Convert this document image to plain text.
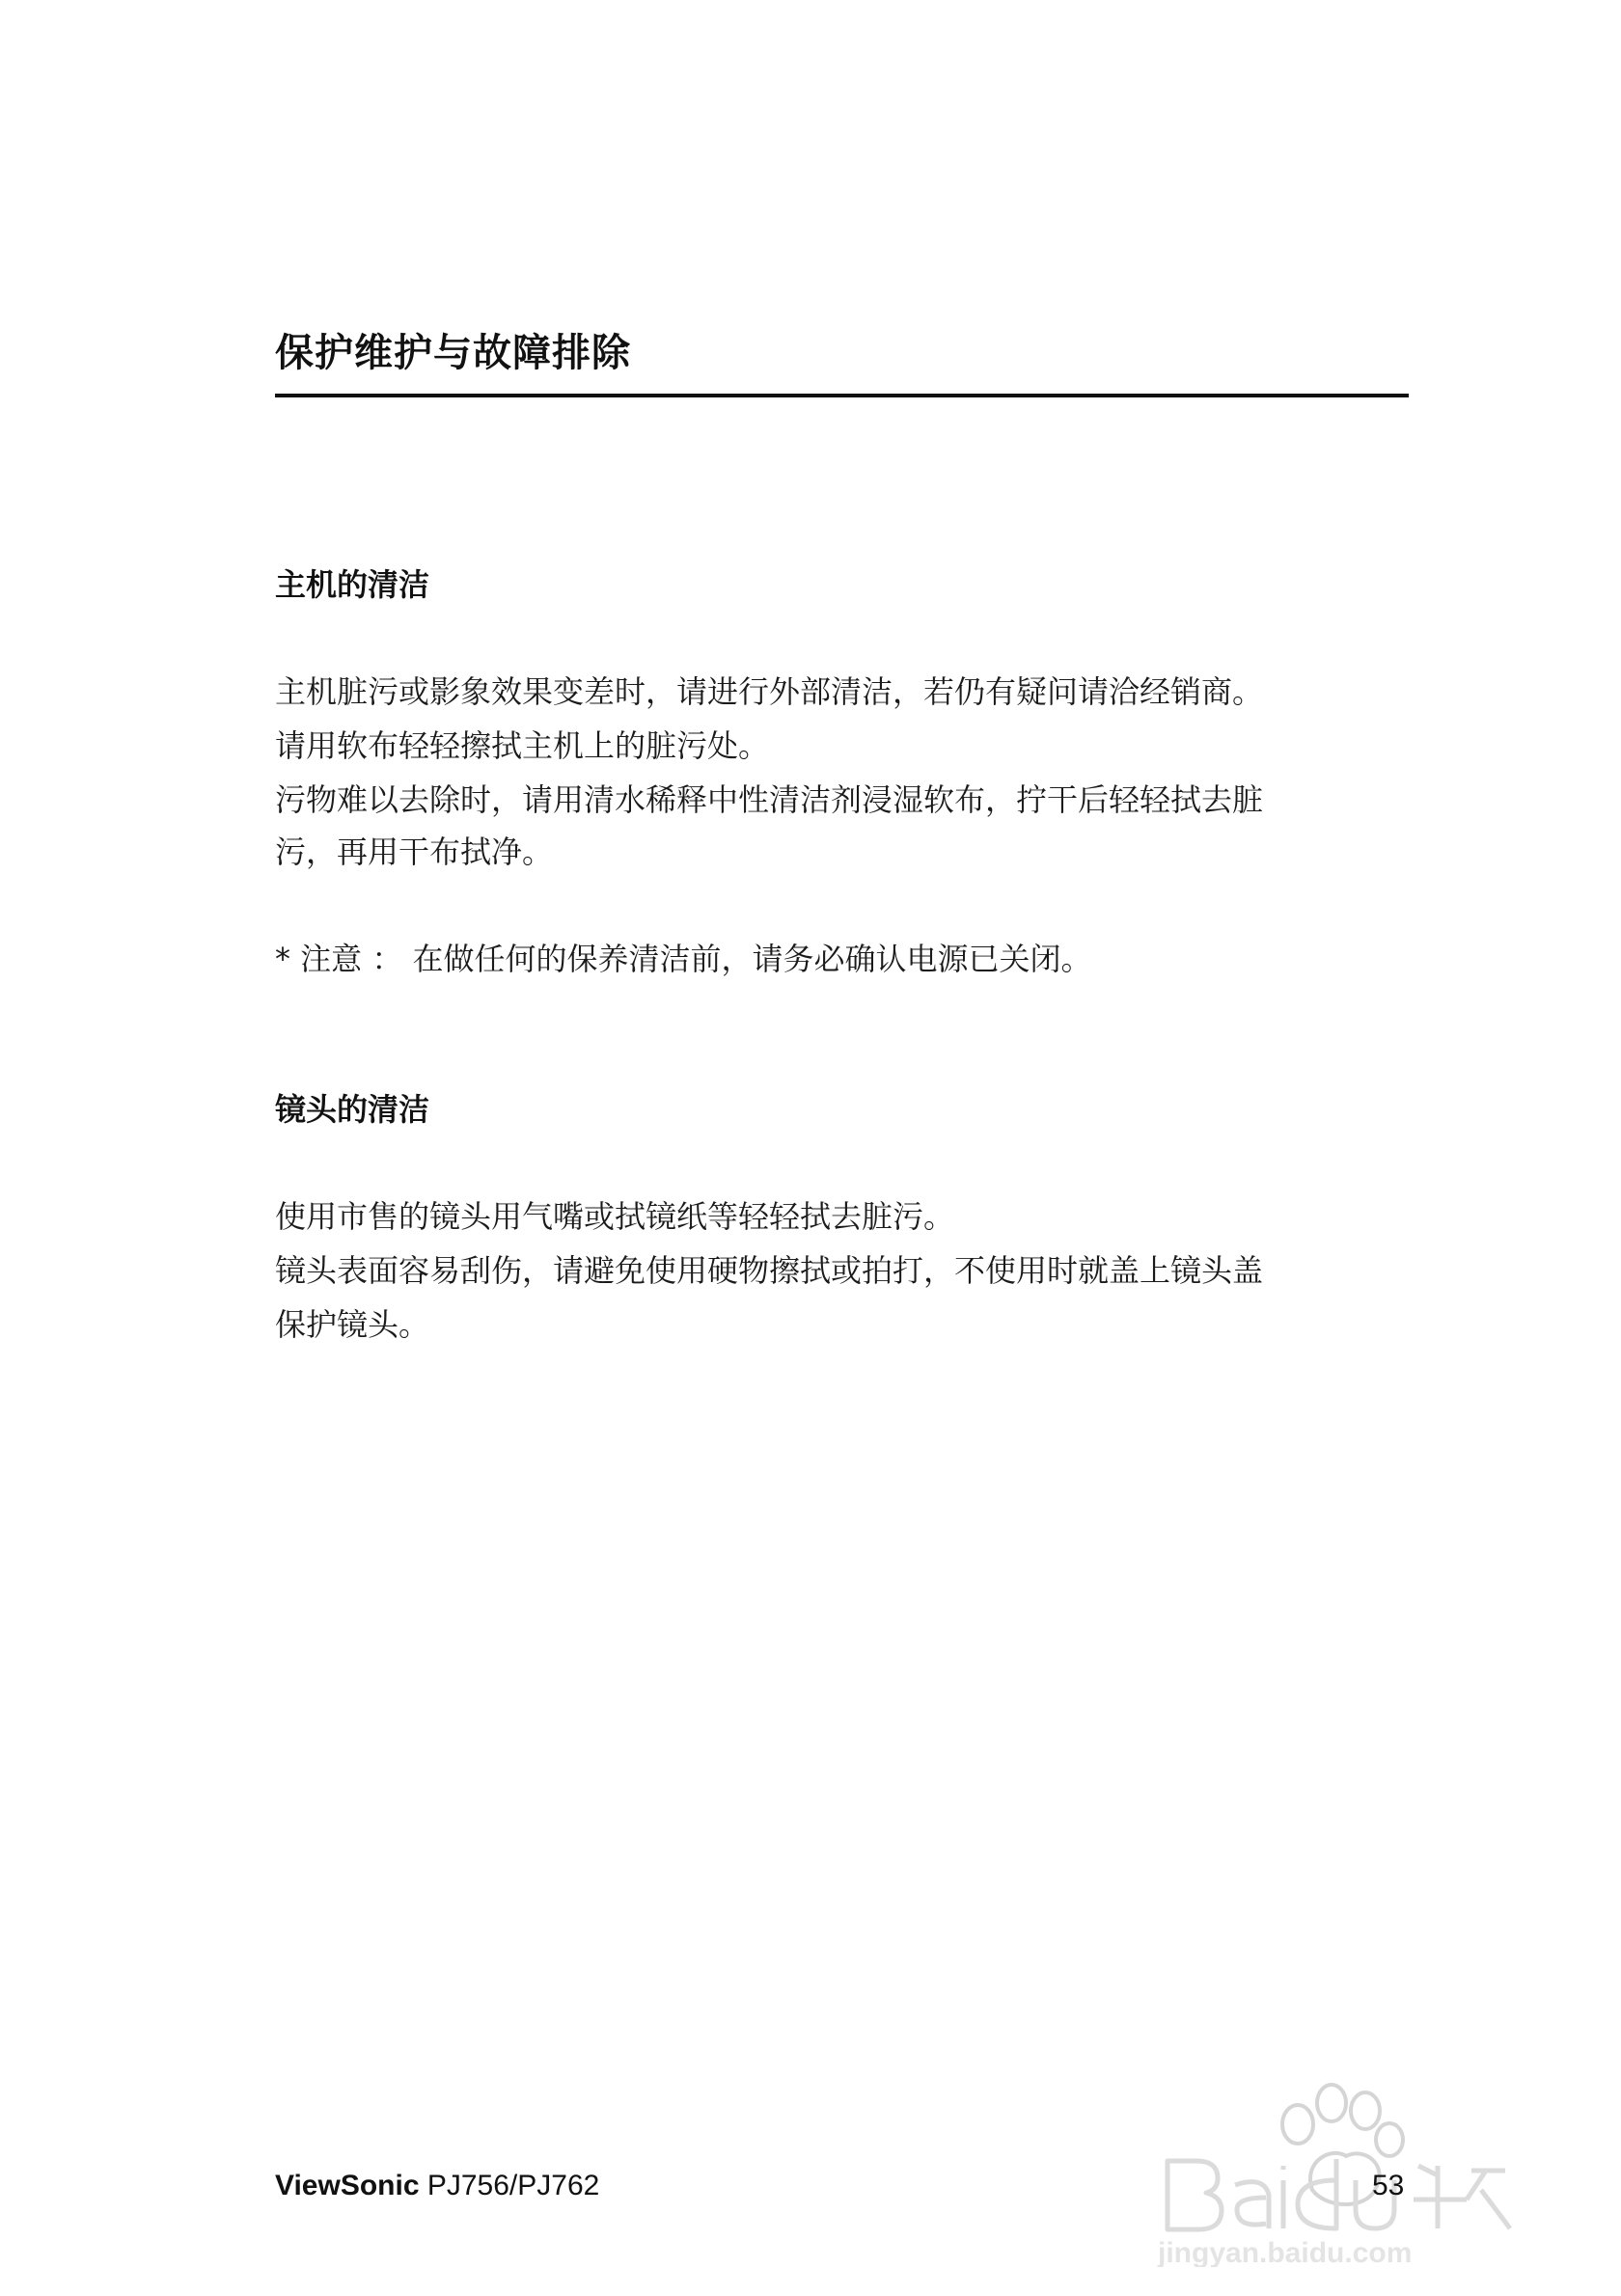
保护维护与故障排除
主机的清洁
主机脏污或影象效果变差时，请进行外部清洁，若仍有疑问请洽经销商。
请用软布轻轻擦拭主机上的脏污处。
污物难以去除时，请用清水稀释中性清洁剂浸湿软布，拧干后轻轻拭去脏
污，再用干布拭净。
* 注意 ： 在做任何的保养清洁前，请务必确认电源已关闭。
镜头的清洁
使用市售的镜头用气嘴或拭镜纸等轻轻拭去脏污。
镜头表面容易刮伤，请避免使用硬物擦拭或拍打，不使用时就盖上镜头盖
保护镜头。
jingyan.baidu.com
ViewSonic PJ756/PJ762	53
